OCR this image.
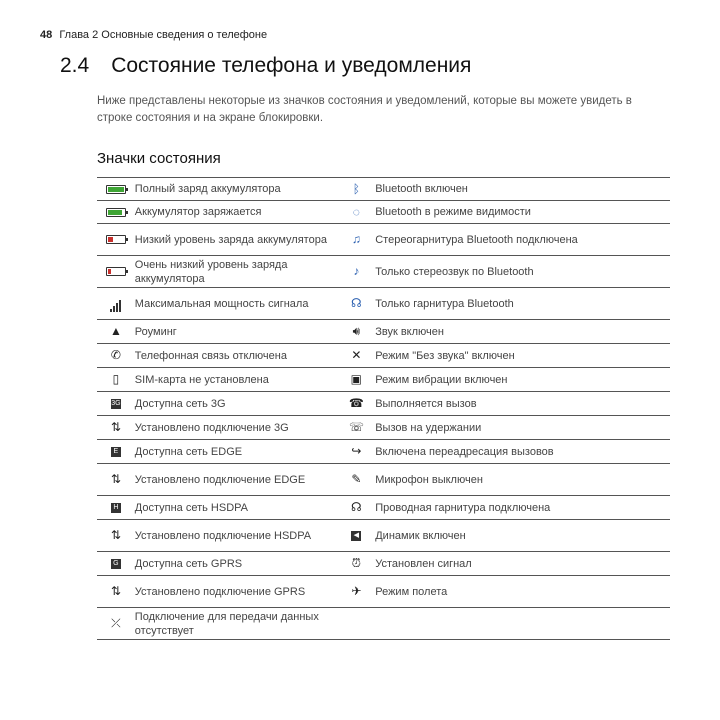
48 Глава 2 Основные сведения о телефоне
2.4 Состояние телефона и уведомления
Ниже представлены некоторые из значков состояния и уведомлений, которые вы можете увидеть в строке состояния и на экране блокировки.
Значки состояния
	Полный заряд аккумулятора	ᛒ	Bluetooth включен

	Аккумулятор заряжается	◌	Bluetooth в режиме видимости

	Низкий уровень заряда аккумулятора	♫	Стереогарнитура Bluetooth подключена

	Очень низкий уровень заряда аккумулятора	♪	Только стереозвук по Bluetooth
	Максимальная мощность сигнала	☊	Только гарнитура Bluetooth
▲	Роуминг	🔊︎	Звук включен
✆	Телефонная связь отключена	✕	Режим "Без звука" включен
▯	SIM-карта не установлена	▣	Режим вибрации включен
3G	Доступна сеть 3G	☎	Выполняется вызов
⇅	Установлено подключение 3G	☏	Вызов на удержании
E	Доступна сеть EDGE	↪	Включена переадресация вызовов
⇅	Установлено подключение EDGE	✎	Микрофон выключен
H	Доступна сеть HSDPA	☊	Проводная гарнитура подключена
⇅	Установлено подключение HSDPA	◀	Динамик включен
G	Доступна сеть GPRS	⏰︎	Установлен сигнал
⇅	Установлено подключение GPRS	✈	Режим полета
⤫	Подключение для передачи данных отсутствует		
